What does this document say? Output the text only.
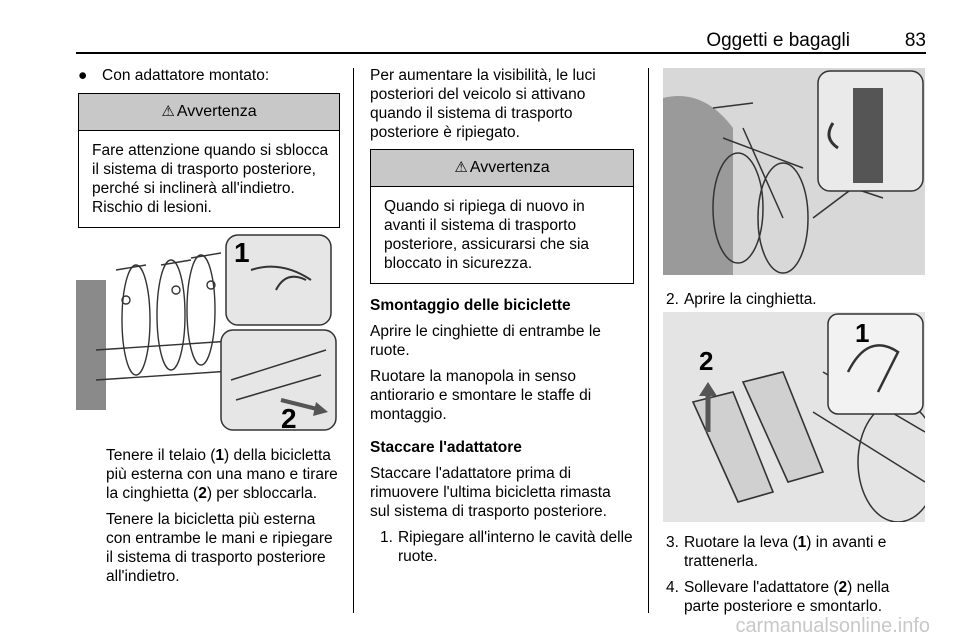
Oggetti e bagagli	83
● Con adattatore montato:
⚠ Avvertenza
Fare attenzione quando si sblocca il sistema di trasporto posteriore, perché si inclinerà all'indietro. Rischio di lesioni.
1
2

Tenere il telaio (1) della bicicletta più esterna con una mano e tirare la cinghietta (2) per sbloccarla.

Tenere la bicicletta più esterna con entrambe le mani e ripiegare il sistema di trasporto posteriore all'indietro.

Per aumentare la visibilità, le luci posteriori del veicolo si attivano quando il sistema di trasporto posteriore è ripiegato.

⚠ Avvertenza
Quando si ripiega di nuovo in avanti il sistema di trasporto posteriore, assicurarsi che sia bloccato in sicurezza.

Smontaggio delle biciclette

Aprire le cinghiette di entrambe le ruote.

Ruotare la manopola in senso antiorario e smontare le staffe di montaggio.

Staccare l'adattatore

Staccare l'adattatore prima di rimuovere l'ultima bicicletta rimasta sul sistema di trasporto posteriore.

1. Ripiegare all'interno le cavità delle ruote.
2. Aprire la cinghietta.
1
2
3. Ruotare la leva (1) in avanti e trattenerla.
4. Sollevare l'adattatore (2) nella parte posteriore e smontarlo.
carmanualsonline.info
